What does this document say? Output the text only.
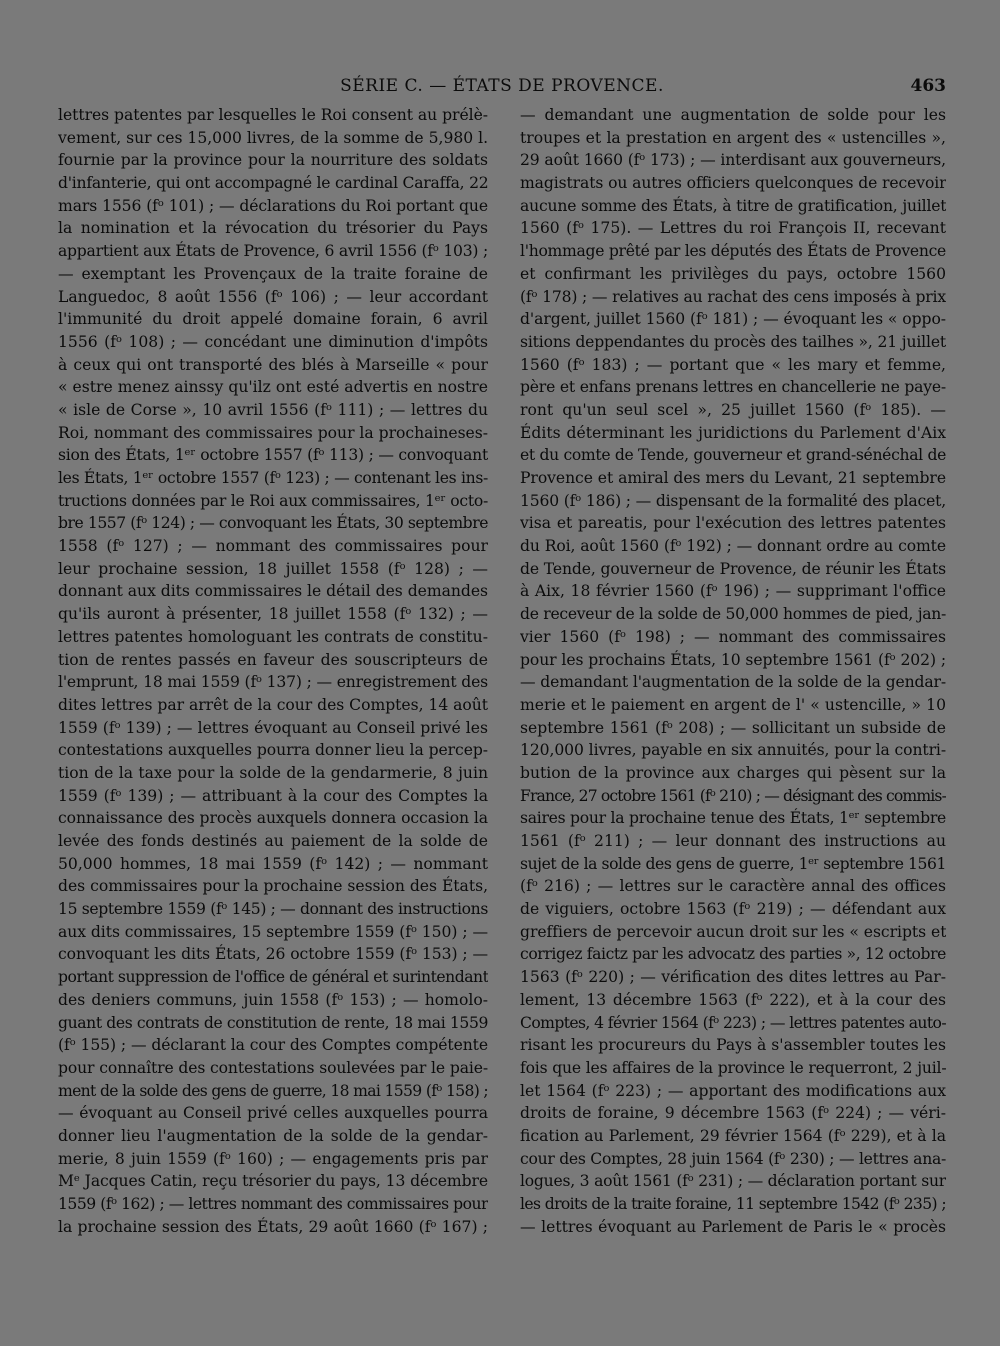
SÉRIE C. — ÉTATS DE PROVENCE.	463
lettres patentes par lesquelles le Roi consent au prélè-
vement, sur ces 15,000 livres, de la somme de 5,980 l.
fournie par la province pour la nourriture des soldats
d'infanterie, qui ont accompagné le cardinal Caraffa, 22
mars 1556 (fᵒ 101) ; — déclarations du Roi portant que
la nomination et la révocation du trésorier du Pays
appartient aux États de Provence, 6 avril 1556 (fᵒ 103) ;
— exemptant les Provençaux de la traite foraine de
Languedoc, 8 août 1556 (fᵒ 106) ; — leur accordant
l'immunité du droit appelé domaine forain, 6 avril
1556 (fᵒ 108) ; — concédant une diminution d'impôts
à ceux qui ont transporté des blés à Marseille « pour
« estre menez ainssy qu'ilz ont esté advertis en nostre
« isle de Corse », 10 avril 1556 (fᵒ 111) ; — lettres du
Roi, nommant des commissaires pour la prochaineses-
sion des États, 1ᵉʳ octobre 1557 (fᵒ 113) ; — convoquant
les États, 1ᵉʳ octobre 1557 (fᵒ 123) ; — contenant les ins-
tructions données par le Roi aux commissaires, 1ᵉʳ octo-
bre 1557 (fᵒ 124) ; — convoquant les États, 30 septembre
1558 (fᵒ 127) ; — nommant des commissaires pour
leur prochaine session, 18 juillet 1558 (fᵒ 128) ; —
donnant aux dits commissaires le détail des demandes
qu'ils auront à présenter, 18 juillet 1558 (fᵒ 132) ; —
lettres patentes homologuant les contrats de constitu-
tion de rentes passés en faveur des souscripteurs de
l'emprunt, 18 mai 1559 (fᵒ 137) ; — enregistrement des
dites lettres par arrêt de la cour des Comptes, 14 août
1559 (fᵒ 139) ; — lettres évoquant au Conseil privé les
contestations auxquelles pourra donner lieu la percep-
tion de la taxe pour la solde de la gendarmerie, 8 juin
1559 (fᵒ 139) ; — attribuant à la cour des Comptes la
connaissance des procès auxquels donnera occasion la
levée des fonds destinés au paiement de la solde de
50,000 hommes, 18 mai 1559 (fᵒ 142) ; — nommant
des commissaires pour la prochaine session des États,
15 septembre 1559 (fᵒ 145) ; — donnant des instructions
aux dits commissaires, 15 septembre 1559 (fᵒ 150) ; —
convoquant les dits États, 26 octobre 1559 (fᵒ 153) ; —
portant suppression de l'office de général et surintendant
des deniers communs, juin 1558 (fᵒ 153) ; — homolo-
guant des contrats de constitution de rente, 18 mai 1559
(fᵒ 155) ; — déclarant la cour des Comptes compétente
pour connaître des contestations soulevées par le paie-
ment de la solde des gens de guerre, 18 mai 1559 (fᵒ 158) ;
— évoquant au Conseil privé celles auxquelles pourra
donner lieu l'augmentation de la solde de la gendar-
merie, 8 juin 1559 (fᵒ 160) ; — engagements pris par
Mᵉ Jacques Catin, reçu trésorier du pays, 13 décembre
1559 (fᵒ 162) ; — lettres nommant des commissaires pour
la prochaine session des États, 29 août 1660 (fᵒ 167) ;
— demandant une augmentation de solde pour les
troupes et la prestation en argent des « ustencilles »,
29 août 1660 (fᵒ 173) ; — interdisant aux gouverneurs,
magistrats ou autres officiers quelconques de recevoir
aucune somme des États, à titre de gratification, juillet
1560 (fᵒ 175). — Lettres du roi François II, recevant
l'hommage prêté par les députés des États de Provence
et confirmant les privilèges du pays, octobre 1560
(fᵒ 178) ; — relatives au rachat des cens imposés à prix
d'argent, juillet 1560 (fᵒ 181) ; — évoquant les « oppo-
sitions deppendantes du procès des tailhes », 21 juillet
1560 (fᵒ 183) ; — portant que « les mary et femme,
père et enfans prenans lettres en chancellerie ne paye-
ront qu'un seul scel », 25 juillet 1560 (fᵒ 185). —
Édits déterminant les juridictions du Parlement d'Aix
et du comte de Tende, gouverneur et grand-sénéchal de
Provence et amiral des mers du Levant, 21 septembre
1560 (fᵒ 186) ; — dispensant de la formalité des placet,
visa et pareatis, pour l'exécution des lettres patentes
du Roi, août 1560 (fᵒ 192) ; — donnant ordre au comte
de Tende, gouverneur de Provence, de réunir les États
à Aix, 18 février 1560 (fᵒ 196) ; — supprimant l'office
de receveur de la solde de 50,000 hommes de pied, jan-
vier 1560 (fᵒ 198) ; — nommant des commissaires
pour les prochains États, 10 septembre 1561 (fᵒ 202) ;
— demandant l'augmentation de la solde de la gendar-
merie et le paiement en argent de l' « ustencille, » 10
septembre 1561 (fᵒ 208) ; — sollicitant un subside de
120,000 livres, payable en six annuités, pour la contri-
bution de la province aux charges qui pèsent sur la
France, 27 octobre 1561 (fᵒ 210) ; — désignant des commis-
saires pour la prochaine tenue des États, 1ᵉʳ septembre
1561 (fᵒ 211) ; — leur donnant des instructions au
sujet de la solde des gens de guerre, 1ᵉʳ septembre 1561
(fᵒ 216) ; — lettres sur le caractère annal des offices
de viguiers, octobre 1563 (fᵒ 219) ; — défendant aux
greffiers de percevoir aucun droit sur les « escripts et
corrigez faictz par les advocatz des parties », 12 octobre
1563 (fᵒ 220) ; — vérification des dites lettres au Par-
lement, 13 décembre 1563 (fᵒ 222), et à la cour des
Comptes, 4 février 1564 (fᵒ 223) ; — lettres patentes auto-
risant les procureurs du Pays à s'assembler toutes les
fois que les affaires de la province le requerront, 2 juil-
let 1564 (fᵒ 223) ; — apportant des modifications aux
droits de foraine, 9 décembre 1563 (fᵒ 224) ; — véri-
fication au Parlement, 29 février 1564 (fᵒ 229), et à la
cour des Comptes, 28 juin 1564 (fᵒ 230) ; — lettres ana-
logues, 3 août 1561 (fᵒ 231) ; — déclaration portant sur
les droits de la traite foraine, 11 septembre 1542 (fᵒ 235) ;
— lettres évoquant au Parlement de Paris le « procès
